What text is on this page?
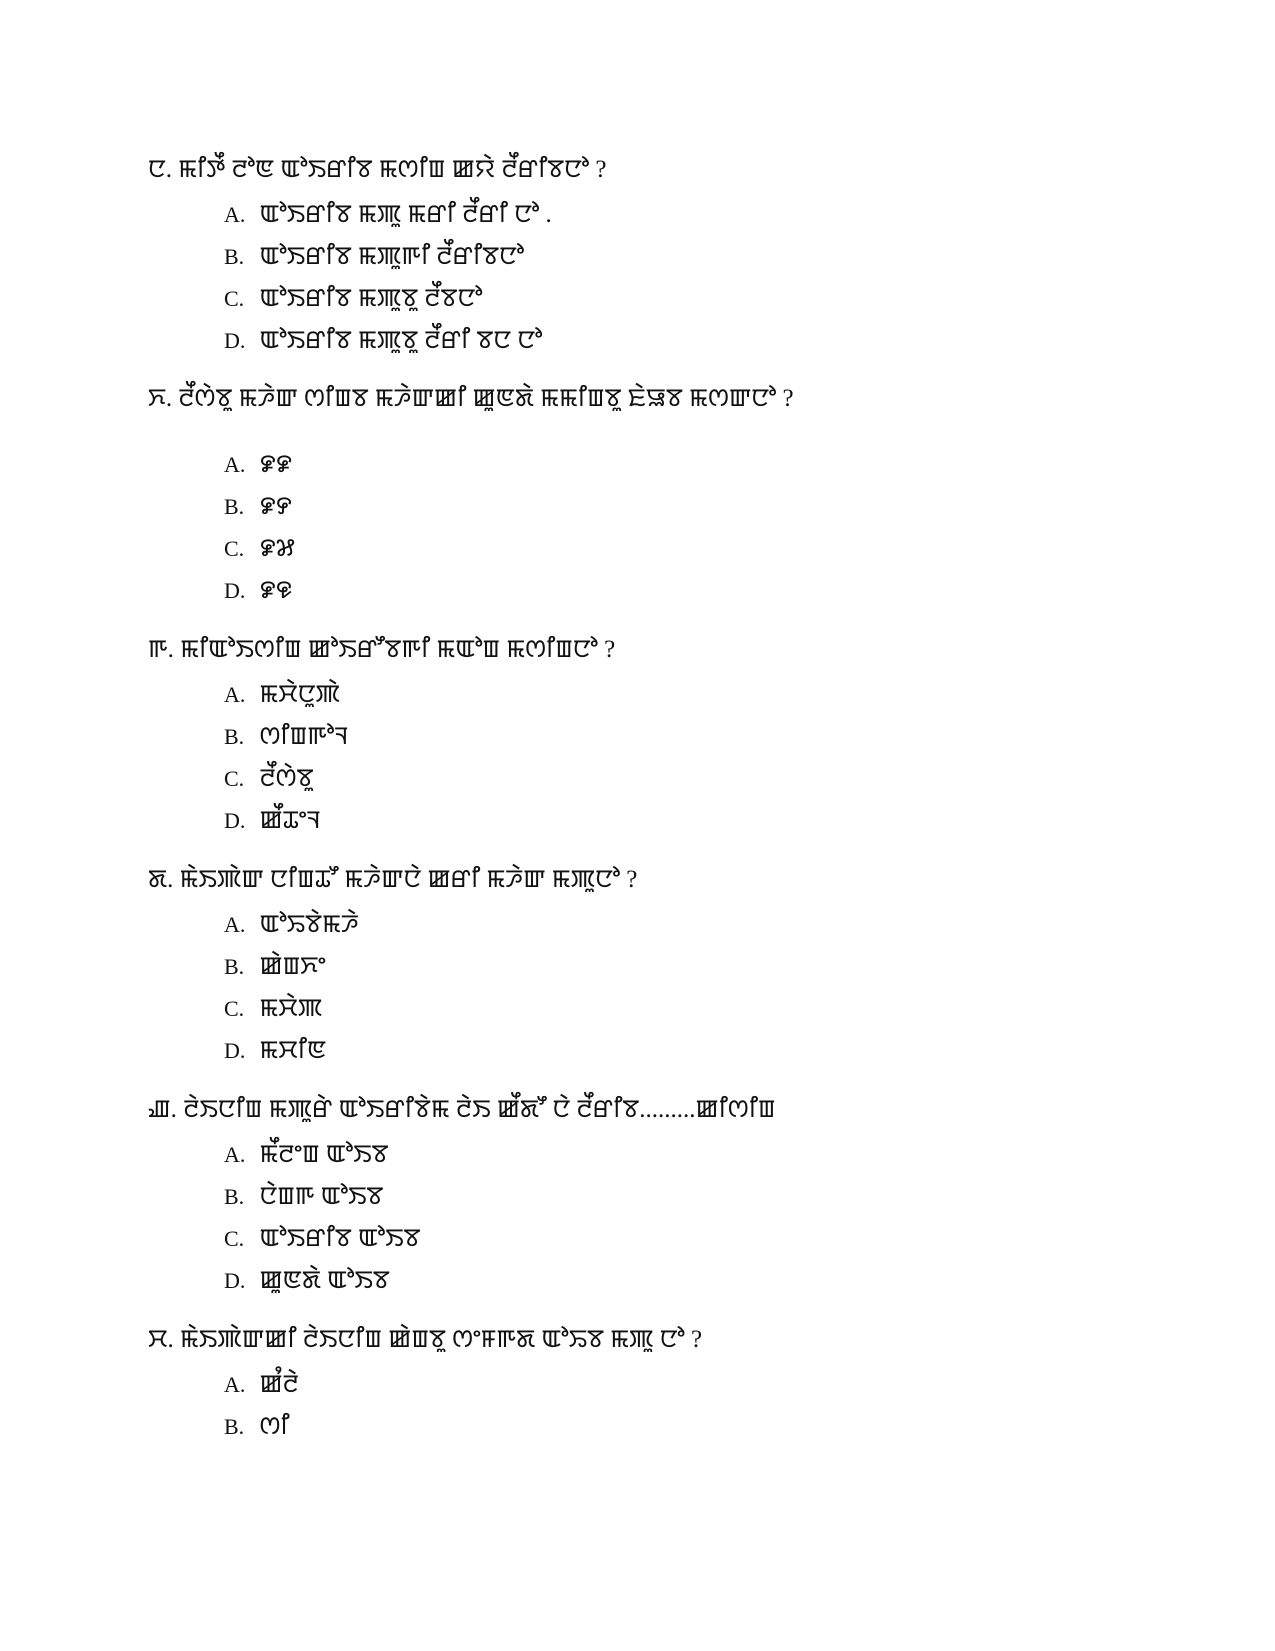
ꯅ. ꯃꯤꯇꯩ ꯂꯣꯟ ꯑꯣꯏꯔꯤꯕ ꯃꯁꯤꯡ ꯀꯌꯥ ꯂꯩꯔꯤꯕꯅꯣ ?
A. ꯑꯣꯏꯔꯤꯕ ꯃꯄꯨ ꯃꯔꯤ ꯂꯩꯔꯤ ꯅꯣ .
B. ꯑꯣꯏꯔꯤꯕ ꯃꯄꯨꯒꯤ ꯂꯩꯔꯤꯕꯅꯣ
C. ꯑꯣꯏꯔꯤꯕ ꯃꯄꯨꯕꯨ ꯂꯩꯕꯅꯣ
D. ꯑꯣꯏꯔꯤꯕ ꯃꯄꯨꯕꯨ ꯂꯩꯔꯤ ꯕꯅ ꯅꯣ
ꯈ. ꯂꯩꯁꯥꯕꯨ ꯃꯍꯥꯛ ꯁꯤꯡꯕ ꯃꯍꯥꯛꯀꯤ ꯀꯨꯟꯗꯥ ꯃꯃꯤꯡꯕꯨ ꯐꯥꯎꯕ ꯃꯁꯛꯅꯣ ?
A. ꯹꯹
B. ꯹꯸
C. ꯹꯷
D. ꯹꯶
ꯒ. ꯃꯤꯑꯣꯏꯁꯤꯡ ꯀꯣꯏꯔꯧꯕꯒꯤ ꯃꯑꯣꯡ ꯃꯁꯤꯡꯅꯣ ?
A. ꯃꯆꯥꯅꯨꯄꯥ
B. ꯁꯤꯡꯒꯣꯜ
C. ꯂꯩꯁꯥꯕꯨ
D. ꯀꯩꯊꯦꯜ
ꯗ. ꯃꯥꯏꯄꯥꯛ ꯅꯤꯡꯊꯧ ꯃꯍꯥꯛꯅꯥ ꯀꯔꯤ ꯃꯍꯥꯛ ꯃꯄꯨꯅꯣ ?
A. ꯑꯣꯢꯕꯥꯃꯍꯥ
B. ꯀꯥꯡꯈꯦ
C. ꯃꯆꯥꯄ
D. ꯃꯆꯤꯟ
ꯉ. ꯂꯥꯏꯅꯤꯡ ꯃꯄꯨꯔꯥ ꯑꯣꯏꯔꯤꯕꯥꯃ ꯂꯥꯏ ꯀꯩꯗꯧ ꯅꯥ ꯂꯩꯔꯤꯕ.........ꯀꯤꯁꯤꯡ
A. ꯃꯩꯂꯦꯡ ꯑꯣꯏꯕ
B. ꯅꯥꯡꯒ ꯑꯣꯏꯕ
C. ꯑꯣꯏꯔꯤꯕ ꯑꯣꯏꯕ
D. ꯀꯨꯟꯗꯥ ꯑꯣꯏꯕ
ꯆ. ꯃꯥꯏꯄꯥꯛꯀꯤ ꯂꯥꯏꯅꯤꯡ ꯀꯥꯡꯕꯨ ꯁꯦꯝꯒꯗ ꯑꯣꯢꯕ ꯃꯄꯨ ꯅꯣ ?
A. ꯀꯪꯂꯥ
B. ꯁꯤ
